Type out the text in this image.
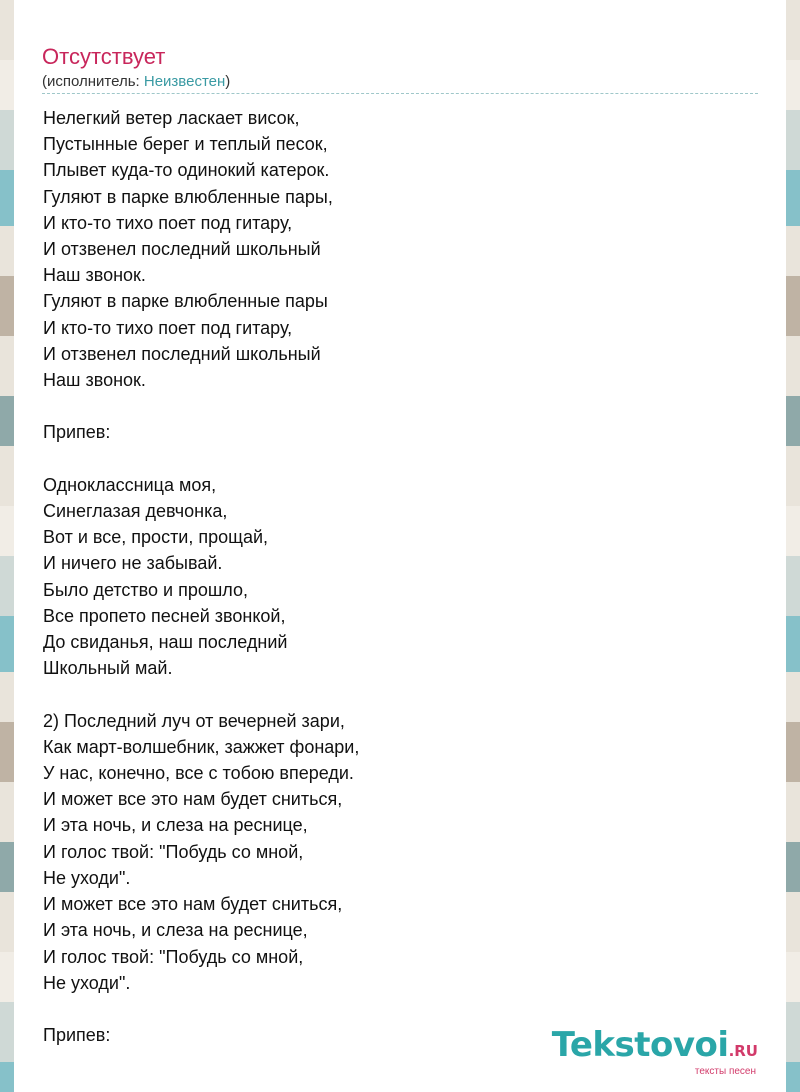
Отсутствует
(исполнитель: Неизвестен)
Нелегкий ветер ласкает висок,
Пустынные берег и теплый песок,
Плывет куда-то одинокий катерок.
Гуляют в парке влюбленные пары,
И кто-то тихо поет под гитару,
И отзвенел последний школьный
Наш звонок.
Гуляют в парке влюбленные пары
И кто-то тихо поет под гитару,
И отзвенел последний школьный
Наш звонок.

Припев:

Одноклассница моя,
Синеглазая девчонка,
Вот и все, прости, прощай,
И ничего не забывай.
Было детство и прошло,
Все пропето песней звонкой,
До свиданья, наш последний
Школьный май.

2) Последний луч от вечерней зари,
Как март-волшебник, зажжет фонари,
У нас, конечно, все с тобою впереди.
И может все это нам будет сниться,
И эта ночь, и слеза на реснице,
И голос твой: "Побудь со мной,
Не уходи".
И может все это нам будет сниться,
И эта ночь, и слеза на реснице,
И голос твой: "Побудь со мной,
Не уходи".

Припев:	Tekstovoi.RU
тексты песен
